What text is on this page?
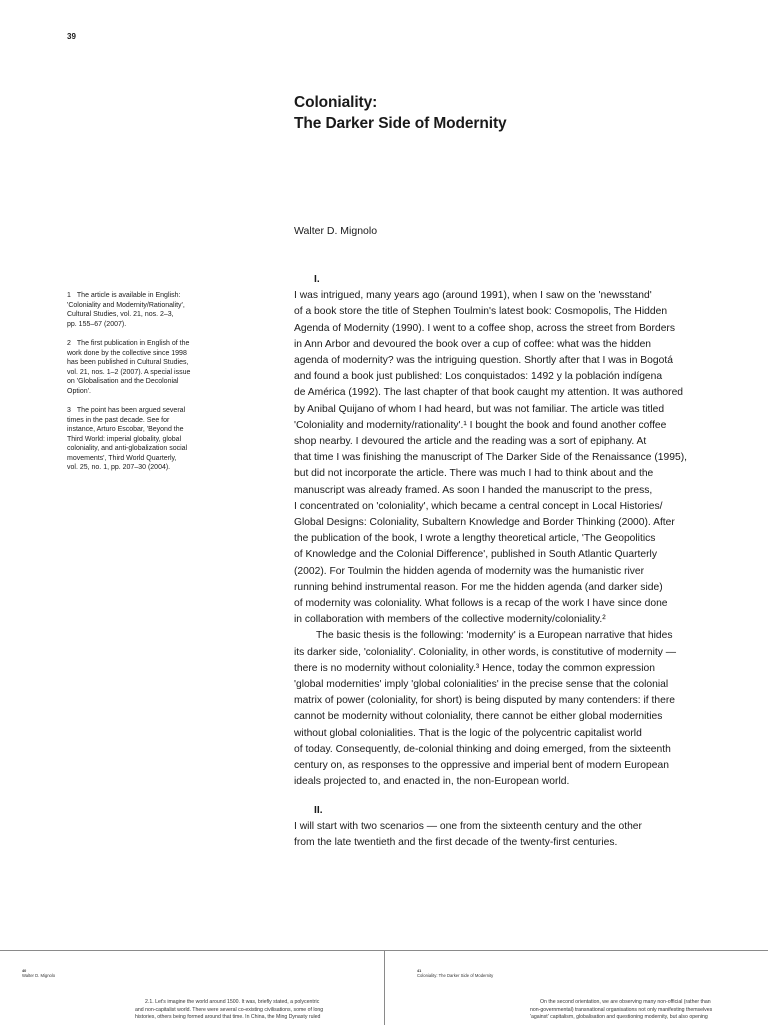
39
Coloniality:
The Darker Side of Modernity
Walter D. Mignolo
1 The article is available in English:
'Coloniality and Modernity/Rationality',
Cultural Studies, vol. 21, nos. 2–3,
pp. 155–67 (2007).
2 The first publication in English of the
work done by the collective since 1998
has been published in Cultural Studies,
vol. 21, nos. 1–2 (2007). A special issue
on 'Globalisation and the Decolonial
Option'.
3 The point has been argued several
times in the past decade. See for
instance, Arturo Escobar, 'Beyond the
Third World: imperial globality, global
coloniality, and anti-globalization social
movements', Third World Quarterly,
vol. 25, no. 1, pp. 207–30 (2004).
I.
I was intrigued, many years ago (around 1991), when I saw on the 'newsstand'
of a book store the title of Stephen Toulmin's latest book: Cosmopolis, The Hidden
Agenda of Modernity (1990). I went to a coffee shop, across the street from Borders
in Ann Arbor and devoured the book over a cup of coffee: what was the hidden
agenda of modernity? was the intriguing question. Shortly after that I was in Bogotá
and found a book just published: Los conquistados: 1492 y la población indígena
de América (1992). The last chapter of that book caught my attention. It was authored
by Anibal Quijano of whom I had heard, but was not familiar. The article was titled
'Coloniality and modernity/rationality'.¹ I bought the book and found another coffee
shop nearby. I devoured the article and the reading was a sort of epiphany. At
that time I was finishing the manuscript of The Darker Side of the Renaissance (1995),
but did not incorporate the article. There was much I had to think about and the
manuscript was already framed. As soon I handed the manuscript to the press,
I concentrated on 'coloniality', which became a central concept in Local Histories/
Global Designs: Coloniality, Subaltern Knowledge and Border Thinking (2000). After
the publication of the book, I wrote a lengthy theoretical article, 'The Geopolitics
of Knowledge and the Colonial Difference', published in South Atlantic Quarterly
(2002). For Toulmin the hidden agenda of modernity was the humanistic river
running behind instrumental reason. For me the hidden agenda (and darker side)
of modernity was coloniality. What follows is a recap of the work I have since done
in collaboration with members of the collective modernity/coloniality.²
The basic thesis is the following: 'modernity' is a European narrative that hides
its darker side, 'coloniality'. Coloniality, in other words, is constitutive of modernity —
there is no modernity without coloniality.³ Hence, today the common expression
'global modernities' imply 'global colonialities' in the precise sense that the colonial
matrix of power (coloniality, for short) is being disputed by many contenders: if there
cannot be modernity without coloniality, there cannot be either global modernities
without global colonialities. That is the logic of the polycentric capitalist world
of today. Consequently, de-colonial thinking and doing emerged, from the sixteenth
century on, as responses to the oppressive and imperial bent of modern European
ideals projected to, and enacted in, the non-European world.
II.
I will start with two scenarios — one from the sixteenth century and the other
from the late twentieth and the first decade of the twenty-first centuries.
40
Walter D. Mignolo
41
Coloniality: The Darker Side of Modernity
2.1. Let's imagine the world around 1500. It was, briefly stated, a polycentric
and non-capitalist world. There were several co-existing civilisations, some of long
histories, others being formed around that time. In China, the Ming Dynasty ruled
On the second orientation, we are observing many non-official (rather than
non-governmental) transnational organisations not only manifesting themselves
'against' capitalism, globalisation and questioning modernity, but also opening
